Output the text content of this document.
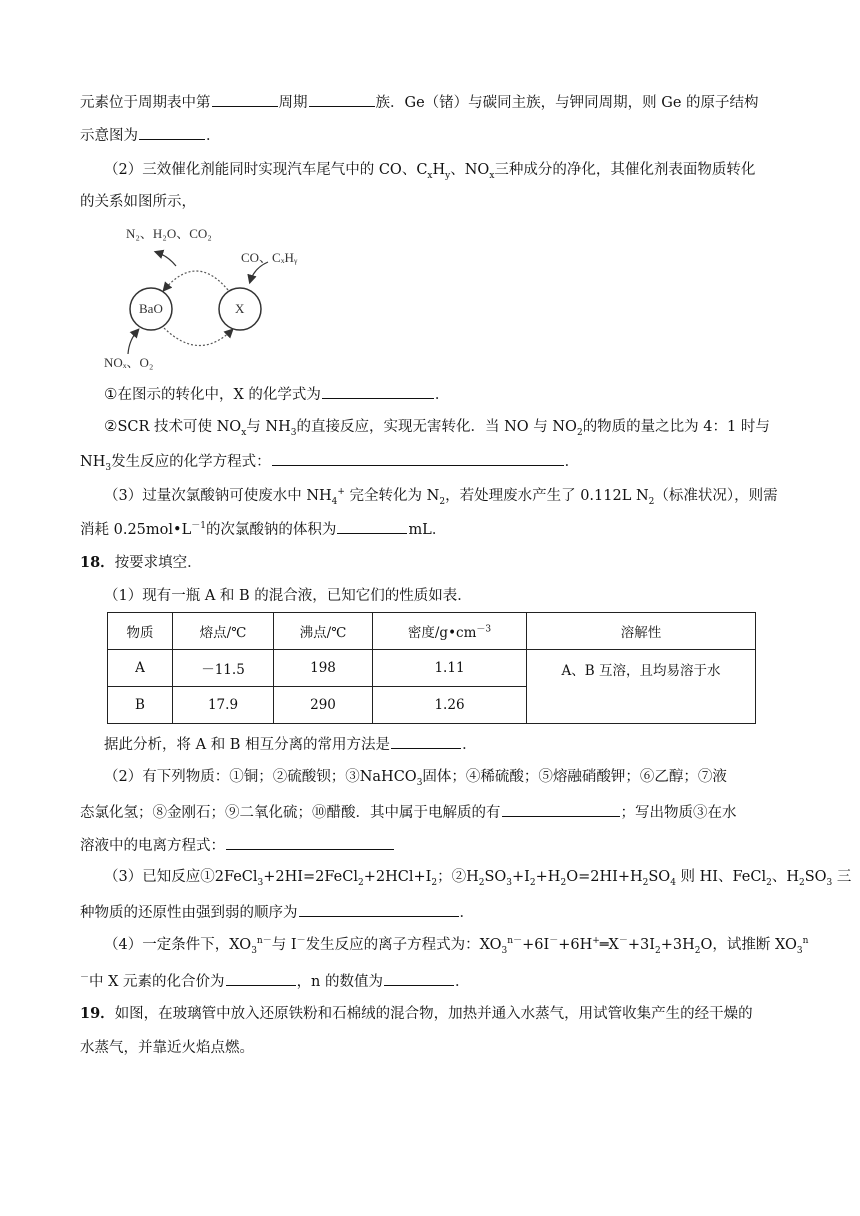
元素位于周期表中第	周期	族．Ge（锗）与碳同主族，与钾同周期，则 Ge 的原子结构
示意图为	．
（2）三效催化剂能同时实现汽车尾气中的 CO、$C_xH_y$、$NO_x$三种成分的净化，其催化剂表面物质转化
的关系如图所示，
N₂、H₂O、CO₂
CO、CₓHᵧ
BaO	X
NOₓ、O₂
①在图示的转化中，X 的化学式为	．
②SCR 技术可使 $NO_x$与 $NH_3$的直接反应，实现无害转化．当 NO 与 $NO_2$的物质的量之比为 4：1 时与
$NH_3$发生反应的化学方程式：	．
（3）过量次氯酸钠可使废水中 $NH_4^+$ 完全转化为 $N_2$，若处理废水产生了 0.112L $N_2$（标准状况），则需
消耗 $0.25mol•L^{-1}$的次氯酸钠的体积为	mL．
18．按要求填空．
（1）现有一瓶 A 和 B 的混合液，已知它们的性质如表．
物质	熔点/℃	沸点/℃	密度$/g•cm^{-3}$	溶解性
A	－11.5	198	1.11	A、B 互溶，且均易溶于水
B	17.9	290	1.26	
据此分析，将 A 和 B 相互分离的常用方法是	．
（2）有下列物质：①铜；②硫酸钡；③NaHCO$_3$固体；④稀硫酸；⑤熔融硝酸钾；⑥乙醇；⑦液
态氯化氢；⑧金刚石；⑨二氧化硫；⑩醋酸．其中属于电解质的有	；写出物质③在水
溶液中的电离方程式：
（3）已知反应$①2FeCl_3+2HI=2FeCl_2+2HCl+I_2$；$②H_2SO_3+I_2+H_2O=2HI+H_2SO_4$ 则 HI、FeCl$_2$、$H_2SO_3$ 三
种物质的还原性由强到弱的顺序为	．
（4）一定条件下，$XO_3^{n-}$与 I－发生反应的离子方程式为：$XO_3^{n-}+6I^-+6H^+═X^-+3I_2+3H_2O$，试推断 $XO_3^n$
－中 X 元素的化合价为	，n 的数值为	．
19．如图，在玻璃管中放入还原铁粉和石棉绒的混合物，加热并通入水蒸气，用试管收集产生的经干燥的
水蒸气，并靠近火焰点燃。
